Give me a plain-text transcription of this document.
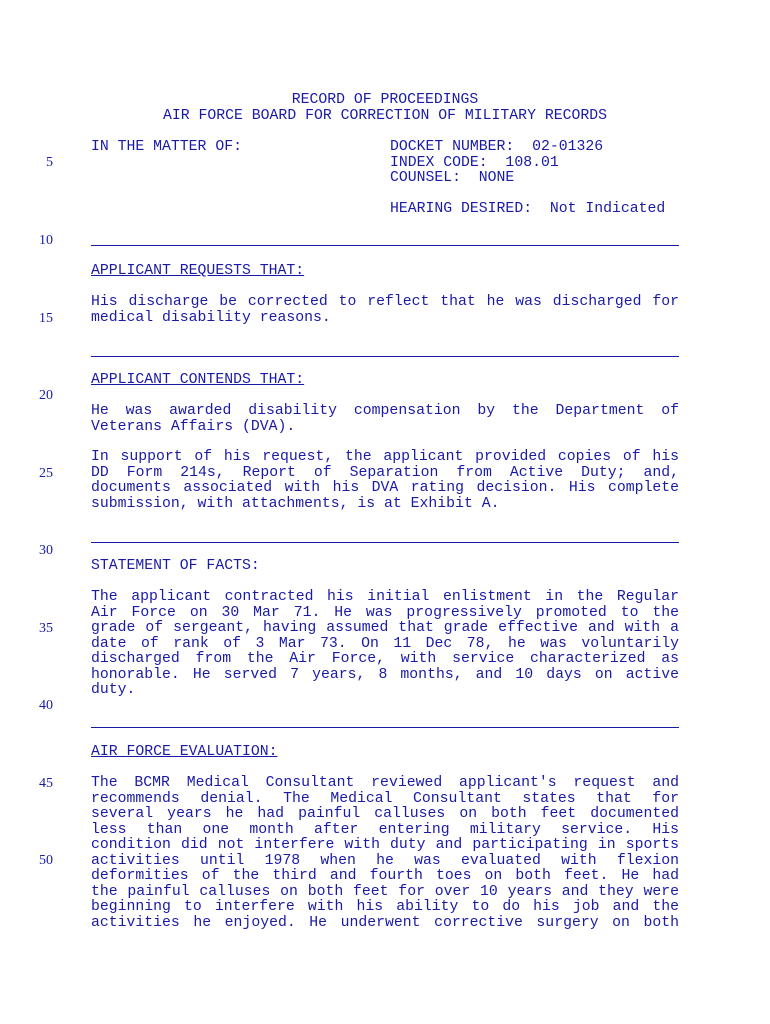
RECORD OF PROCEEDINGS
AIR FORCE BOARD FOR CORRECTION OF MILITARY RECORDS
IN THE MATTER OF:	DOCKET NUMBER:  02-01326
INDEX CODE:  108.01
COUNSEL:  NONE
HEARING DESIRED:  Not Indicated
5
10
15
20
25
30
35
40
45
50
APPLICANT REQUESTS THAT:
His discharge be corrected to reflect that he was discharged for
medical disability reasons.
APPLICANT CONTENDS THAT:
He was awarded disability compensation by the Department of
Veterans Affairs (DVA).
In support of his request, the applicant provided copies of his
DD Form 214s, Report of Separation from Active Duty; and,
documents associated with his DVA rating decision. His complete
submission, with attachments, is at Exhibit A.
STATEMENT OF FACTS:
The applicant contracted his initial enlistment in the Regular
Air Force on 30 Mar 71. He was progressively promoted to the
grade of sergeant, having assumed that grade effective and with a
date of rank of 3 Mar 73. On 11 Dec 78, he was voluntarily
discharged from the Air Force, with service characterized as
honorable. He served 7 years, 8 months, and 10 days on active
duty.
AIR FORCE EVALUATION:
The BCMR Medical Consultant reviewed applicant's request and
recommends denial. The Medical Consultant states that for
several years he had painful calluses on both feet documented
less than one month after entering military service. His
condition did not interfere with duty and participating in sports
activities until 1978 when he was evaluated with flexion
deformities of the third and fourth toes on both feet. He had
the painful calluses on both feet for over 10 years and they were
beginning to interfere with his ability to do his job and the
activities he enjoyed. He underwent corrective surgery on both
